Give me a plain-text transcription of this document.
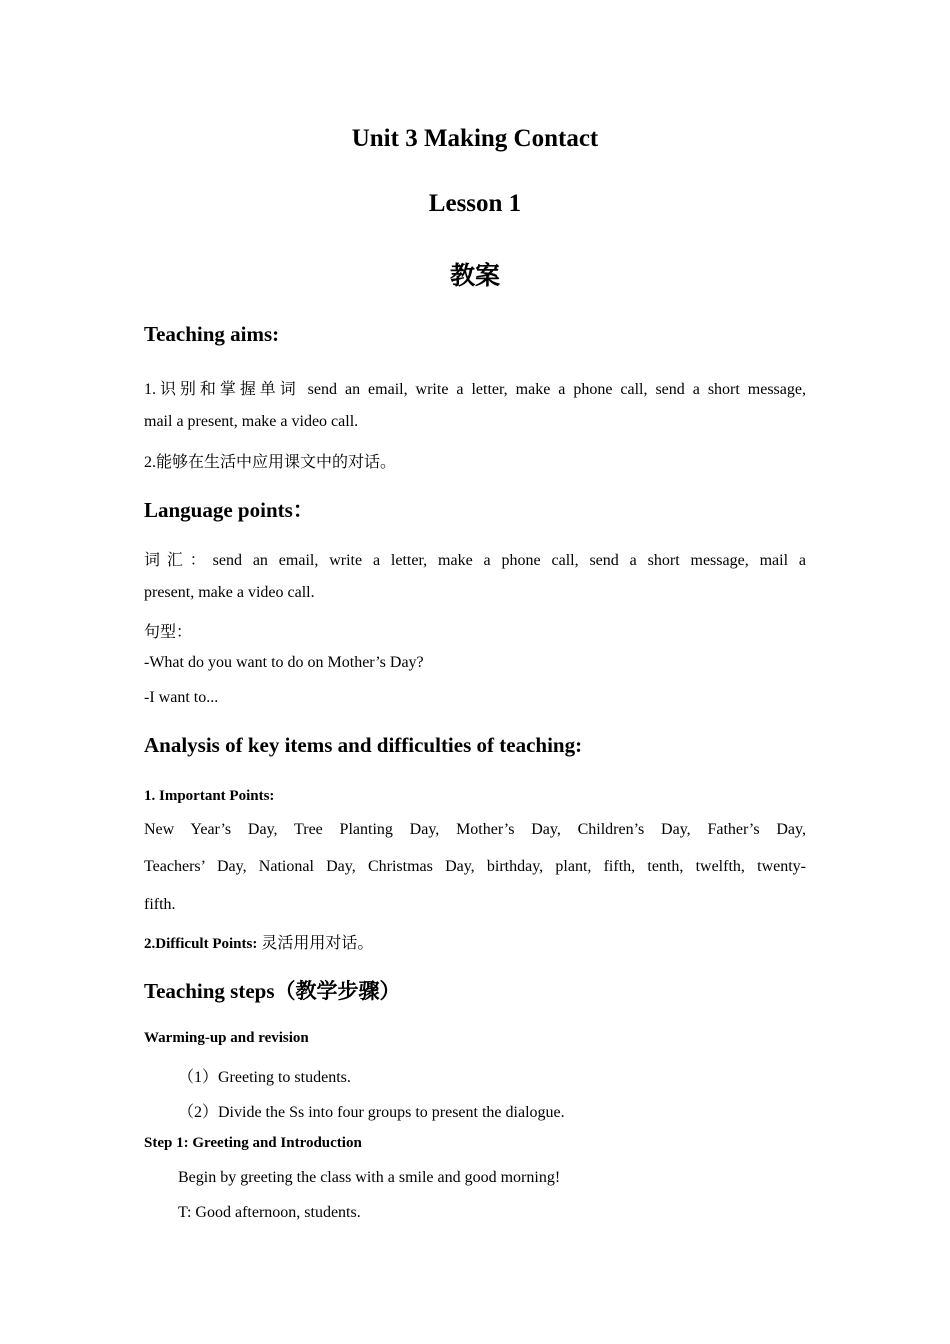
Unit 3 Making Contact
Lesson 1
教案
Teaching aims:
1.识别和掌握单词 send an email, write a letter, make a phone call, send a short message,
mail a present, make a video call.
2.能够在生活中应用课文中的对话。
Language points：
词汇：send an email, write a letter, make a phone call, send a short message, mail a
present, make a video call.
句型：
-What do you want to do on Mother’s Day?
-I want to...
Analysis of key items and difficulties of teaching:
1. Important Points:
New Year’s Day, Tree Planting Day, Mother’s Day, Children’s Day, Father’s Day,
Teachers’ Day, National Day, Christmas Day, birthday, plant, fifth, tenth, twelfth, twenty-
fifth.
2.Difficult Points: 灵活用用对话。
Teaching steps（教学步骤）
Warming-up and revision
（1）Greeting to students.
（2）Divide the Ss into four groups to present the dialogue.
Step 1: Greeting and Introduction
Begin by greeting the class with a smile and good morning!
T: Good afternoon, students.
